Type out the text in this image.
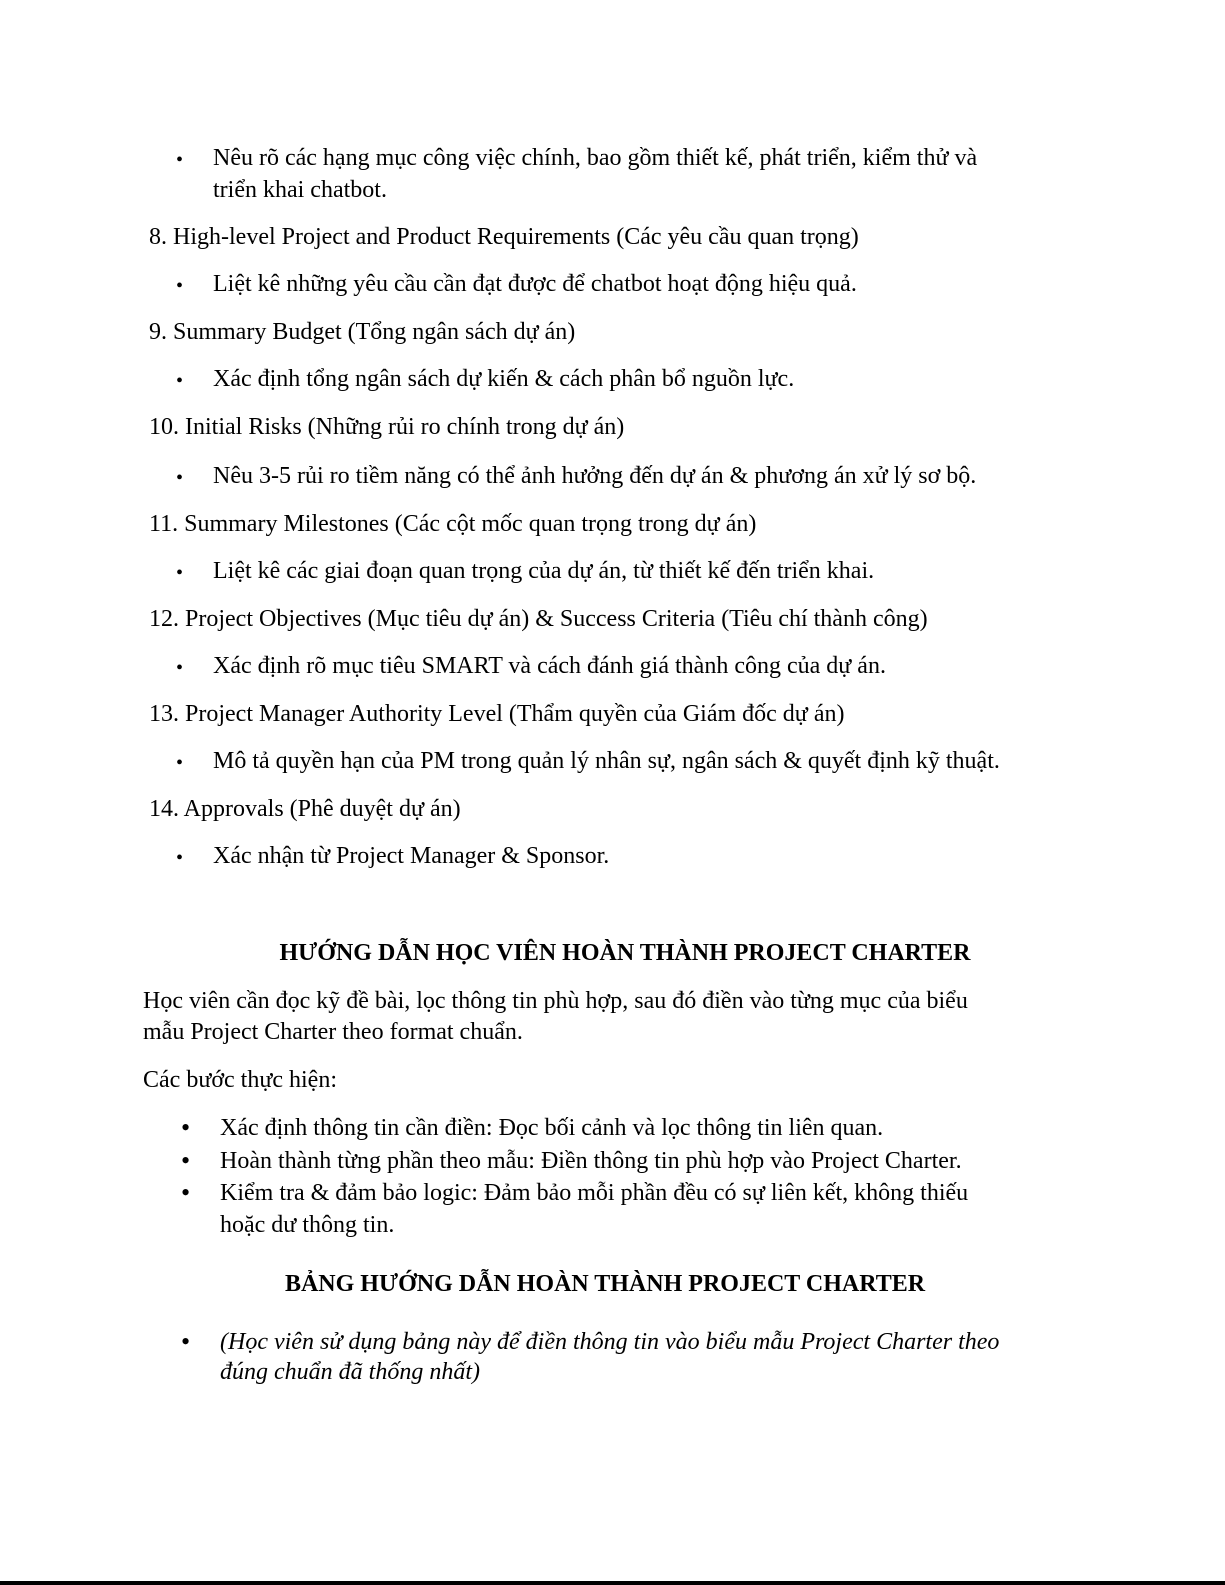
• Nêu rõ các hạng mục công việc chính, bao gồm thiết kế, phát triển, kiểm thử và
triển khai chatbot.
8. High-level Project and Product Requirements (Các yêu cầu quan trọng)
• Liệt kê những yêu cầu cần đạt được để chatbot hoạt động hiệu quả.
9. Summary Budget (Tổng ngân sách dự án)
• Xác định tổng ngân sách dự kiến & cách phân bổ nguồn lực.
10. Initial Risks (Những rủi ro chính trong dự án)
• Nêu 3-5 rủi ro tiềm năng có thể ảnh hưởng đến dự án & phương án xử lý sơ bộ.
11. Summary Milestones (Các cột mốc quan trọng trong dự án)
• Liệt kê các giai đoạn quan trọng của dự án, từ thiết kế đến triển khai.
12. Project Objectives (Mục tiêu dự án) & Success Criteria (Tiêu chí thành công)
• Xác định rõ mục tiêu SMART và cách đánh giá thành công của dự án.
13. Project Manager Authority Level (Thẩm quyền của Giám đốc dự án)
• Mô tả quyền hạn của PM trong quản lý nhân sự, ngân sách & quyết định kỹ thuật.
14. Approvals (Phê duyệt dự án)
• Xác nhận từ Project Manager & Sponsor.
HƯỚNG DẪN HỌC VIÊN HOÀN THÀNH PROJECT CHARTER
Học viên cần đọc kỹ đề bài, lọc thông tin phù hợp, sau đó điền vào từng mục của biểu
mẫu Project Charter theo format chuẩn.
Các bước thực hiện:
• Xác định thông tin cần điền: Đọc bối cảnh và lọc thông tin liên quan.
• Hoàn thành từng phần theo mẫu: Điền thông tin phù hợp vào Project Charter.
• Kiểm tra & đảm bảo logic: Đảm bảo mỗi phần đều có sự liên kết, không thiếu
hoặc dư thông tin.
BẢNG HƯỚNG DẪN HOÀN THÀNH PROJECT CHARTER
• (Học viên sử dụng bảng này để điền thông tin vào biểu mẫu Project Charter theo
đúng chuẩn đã thống nhất)
